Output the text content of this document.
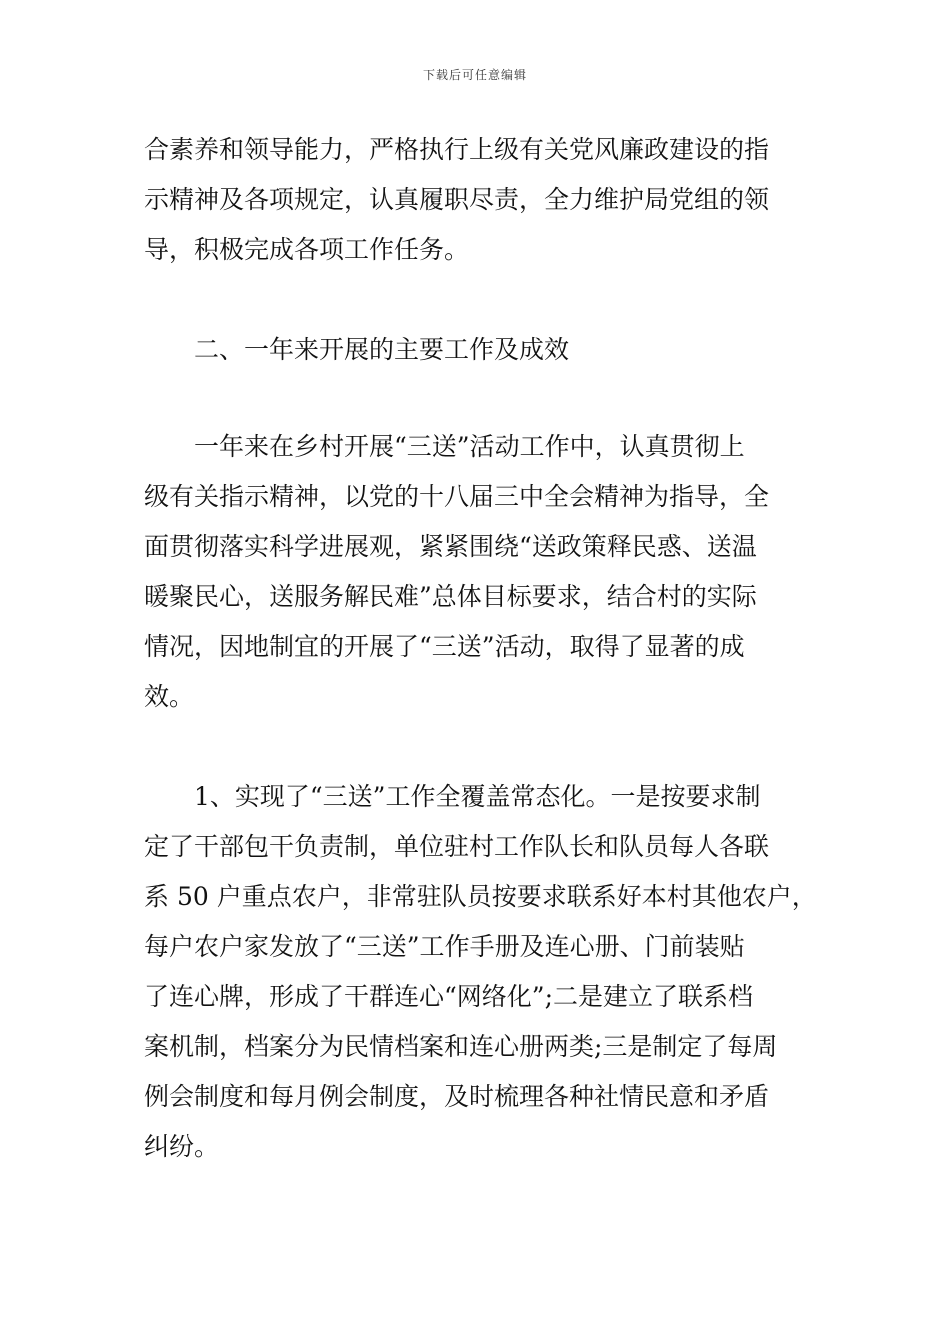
下载后可任意编辑
合素养和领导能力，严格执行上级有关党风廉政建设的指
示精神及各项规定，认真履职尽责，全力维护局党组的领
导，积极完成各项工作任务。
二、一年来开展的主要工作及成效
一年来在乡村开展“三送”活动工作中，认真贯彻上
级有关指示精神，以党的十八届三中全会精神为指导，全
面贯彻落实科学进展观，紧紧围绕“送政策释民惑、送温
暖聚民心，送服务解民难”总体目标要求，结合村的实际
情况，因地制宜的开展了“三送”活动，取得了显著的成
效。
1、实现了“三送”工作全覆盖常态化。一是按要求制
定了干部包干负责制，单位驻村工作队长和队员每人各联
系 50 户重点农户，非常驻队员按要求联系好本村其他农户，
每户农户家发放了“三送”工作手册及连心册、门前装贴
了连心牌，形成了干群连心“网络化”;二是建立了联系档
案机制，档案分为民情档案和连心册两类;三是制定了每周
例会制度和每月例会制度，及时梳理各种社情民意和矛盾
纠纷。
